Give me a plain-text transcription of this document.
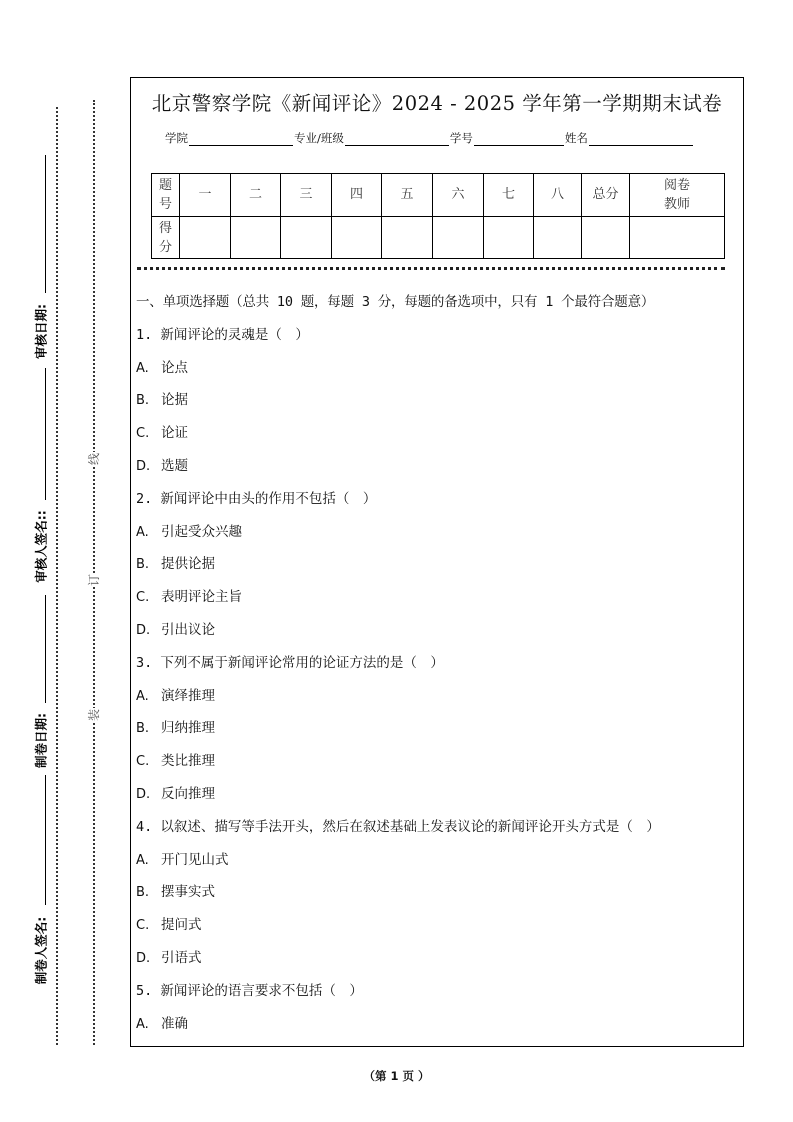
审核日期:
审核人签名::
制卷日期:
制卷人签名:
线
订
装
北京警察学院《新闻评论》2024 - 2025 学年第一学期期末试卷
学院	专业/班级	学号	姓名
题号	一	二	三	四	五	六	七	八	总分	阅卷教师

得分										

一、单项选择题（总共 10 题，每题 3 分，每题的备选项中，只有 1 个最符合题意）
1. 新闻评论的灵魂是（　）
A. 论点
B. 论据
C. 论证
D. 选题
2. 新闻评论中由头的作用不包括（　）
A. 引起受众兴趣
B. 提供论据
C. 表明评论主旨
D. 引出议论
3. 下列不属于新闻评论常用的论证方法的是（　）
A. 演绎推理
B. 归纳推理
C. 类比推理
D. 反向推理
4. 以叙述、描写等手法开头，然后在叙述基础上发表议论的新闻评论开头方式是（　）
A. 开门见山式
B. 摆事实式
C. 提问式
D. 引语式
5. 新闻评论的语言要求不包括（　）
A. 准确
（第 1 页 ）
